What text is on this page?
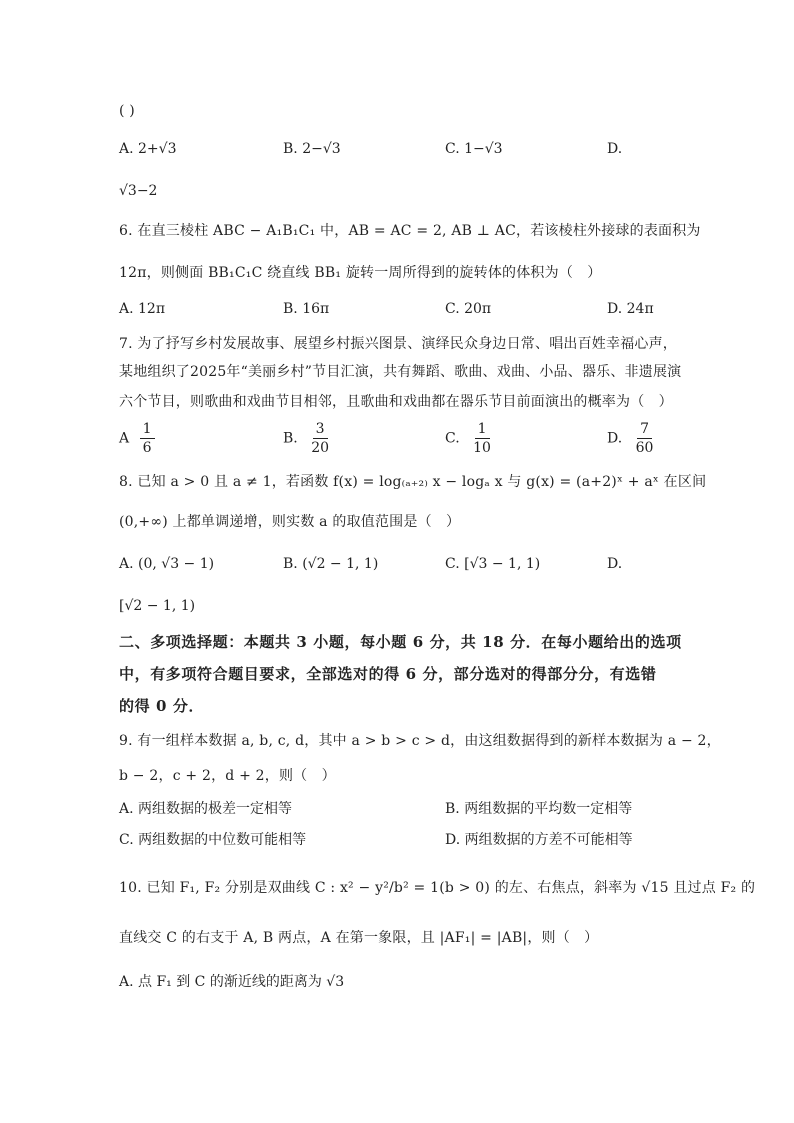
( )
A. 2+√3	B. 2−√3	C. 1−√3	D.
√3−2
6. 在直三棱柱 ABC − A₁B₁C₁ 中，AB = AC = 2, AB ⊥ AC，若该棱柱外接球的表面积为
12π，则侧面 BB₁C₁C 绕直线 BB₁ 旋转一周所得到的旋转体的体积为（　）
A. 12π	B. 16π	C. 20π	D. 24π
7. 为了抒写乡村发展故事、展望乡村振兴图景、演绎民众身边日常、唱出百姓幸福心声，
某地组织了2025年“美丽乡村”节目汇演，共有舞蹈、歌曲、戏曲、小品、器乐、非遗展演
六个节目，则歌曲和戏曲节目相邻，且歌曲和戏曲都在器乐节目前面演出的概率为（　）
A $\frac{1}{6}$	B. $\frac{3}{20}$	C. $\frac{1}{10}$	D. $\frac{7}{60}$
8. 已知 a > 0 且 a ≠ 1，若函数 f(x) = log₍ₐ₊₂₎ x − logₐ x 与 g(x) = (a+2)ˣ + aˣ 在区间
(0,+∞) 上都单调递增，则实数 a 的取值范围是（　）
A. (0, √3 − 1)	B. (√2 − 1, 1)	C. [√3 − 1, 1)	D.
[√2 − 1, 1)
二、多项选择题：本题共 3 小题，每小题 6 分，共 18 分．在每小题给出的选项
中，有多项符合题目要求，全部选对的得 6 分，部分选对的得部分分，有选错
的得 0 分．
9. 有一组样本数据 a, b, c, d，其中 a > b > c > d，由这组数据得到的新样本数据为 a − 2，
b − 2，c + 2，d + 2，则（　）
A. 两组数据的极差一定相等	B. 两组数据的平均数一定相等
C. 两组数据的中位数可能相等	D. 两组数据的方差不可能相等
10. 已知 F₁, F₂ 分别是双曲线 C : x² − y²/b² = 1(b > 0) 的左、右焦点，斜率为 √15 且过点 F₂ 的
直线交 C 的右支于 A, B 两点，A 在第一象限，且 |AF₁| = |AB|，则（　）
A. 点 F₁ 到 C 的渐近线的距离为 √3
